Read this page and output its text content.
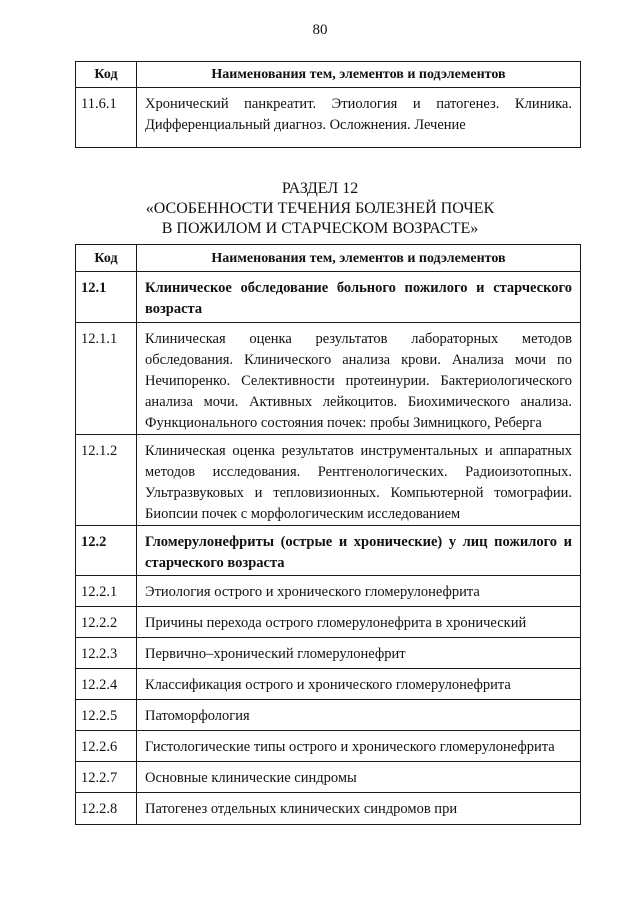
80
Код	Наименования тем, элементов и подэлементов
11.6.1	Хронический панкреатит. Этиология и патогенез. Клиника. Дифференциальный диагноз. Осложнения. Лечение
РАЗДЕЛ 12
«ОСОБЕННОСТИ ТЕЧЕНИЯ БОЛЕЗНЕЙ ПОЧЕК
В ПОЖИЛОМ И СТАРЧЕСКОМ ВОЗРАСТЕ»
Код	Наименования тем, элементов и подэлементов
12.1	Клиническое обследование больного пожилого и старческого возраста
12.1.1	Клиническая оценка результатов лабораторных методов обследования. Клинического анализа крови. Анализа мочи по Нечипоренко. Селективности протеинурии. Бактериологического анализа мочи. Активных лейкоцитов. Биохимического анализа. Функционального состояния почек: пробы Зимницкого, Реберга
12.1.2	Клиническая оценка результатов инструментальных и аппаратных методов исследования. Рентгенологических. Радиоизотопных. Ультразвуковых и тепловизионных. Компьютерной томографии. Биопсии почек с морфологическим исследованием
12.2	Гломерулонефриты (острые и хронические) у лиц пожилого и старческого возраста
12.2.1	Этиология острого и хронического гломерулонефрита
12.2.2	Причины перехода острого гломерулонефрита в хронический
12.2.3	Первично–хронический гломерулонефрит
12.2.4	Классификация острого и хронического гломерулонефрита
12.2.5	Патоморфология
12.2.6	Гистологические типы острого и хронического гломерулонефрита
12.2.7	Основные клинические синдромы
12.2.8	Патогенез отдельных клинических синдромов при
